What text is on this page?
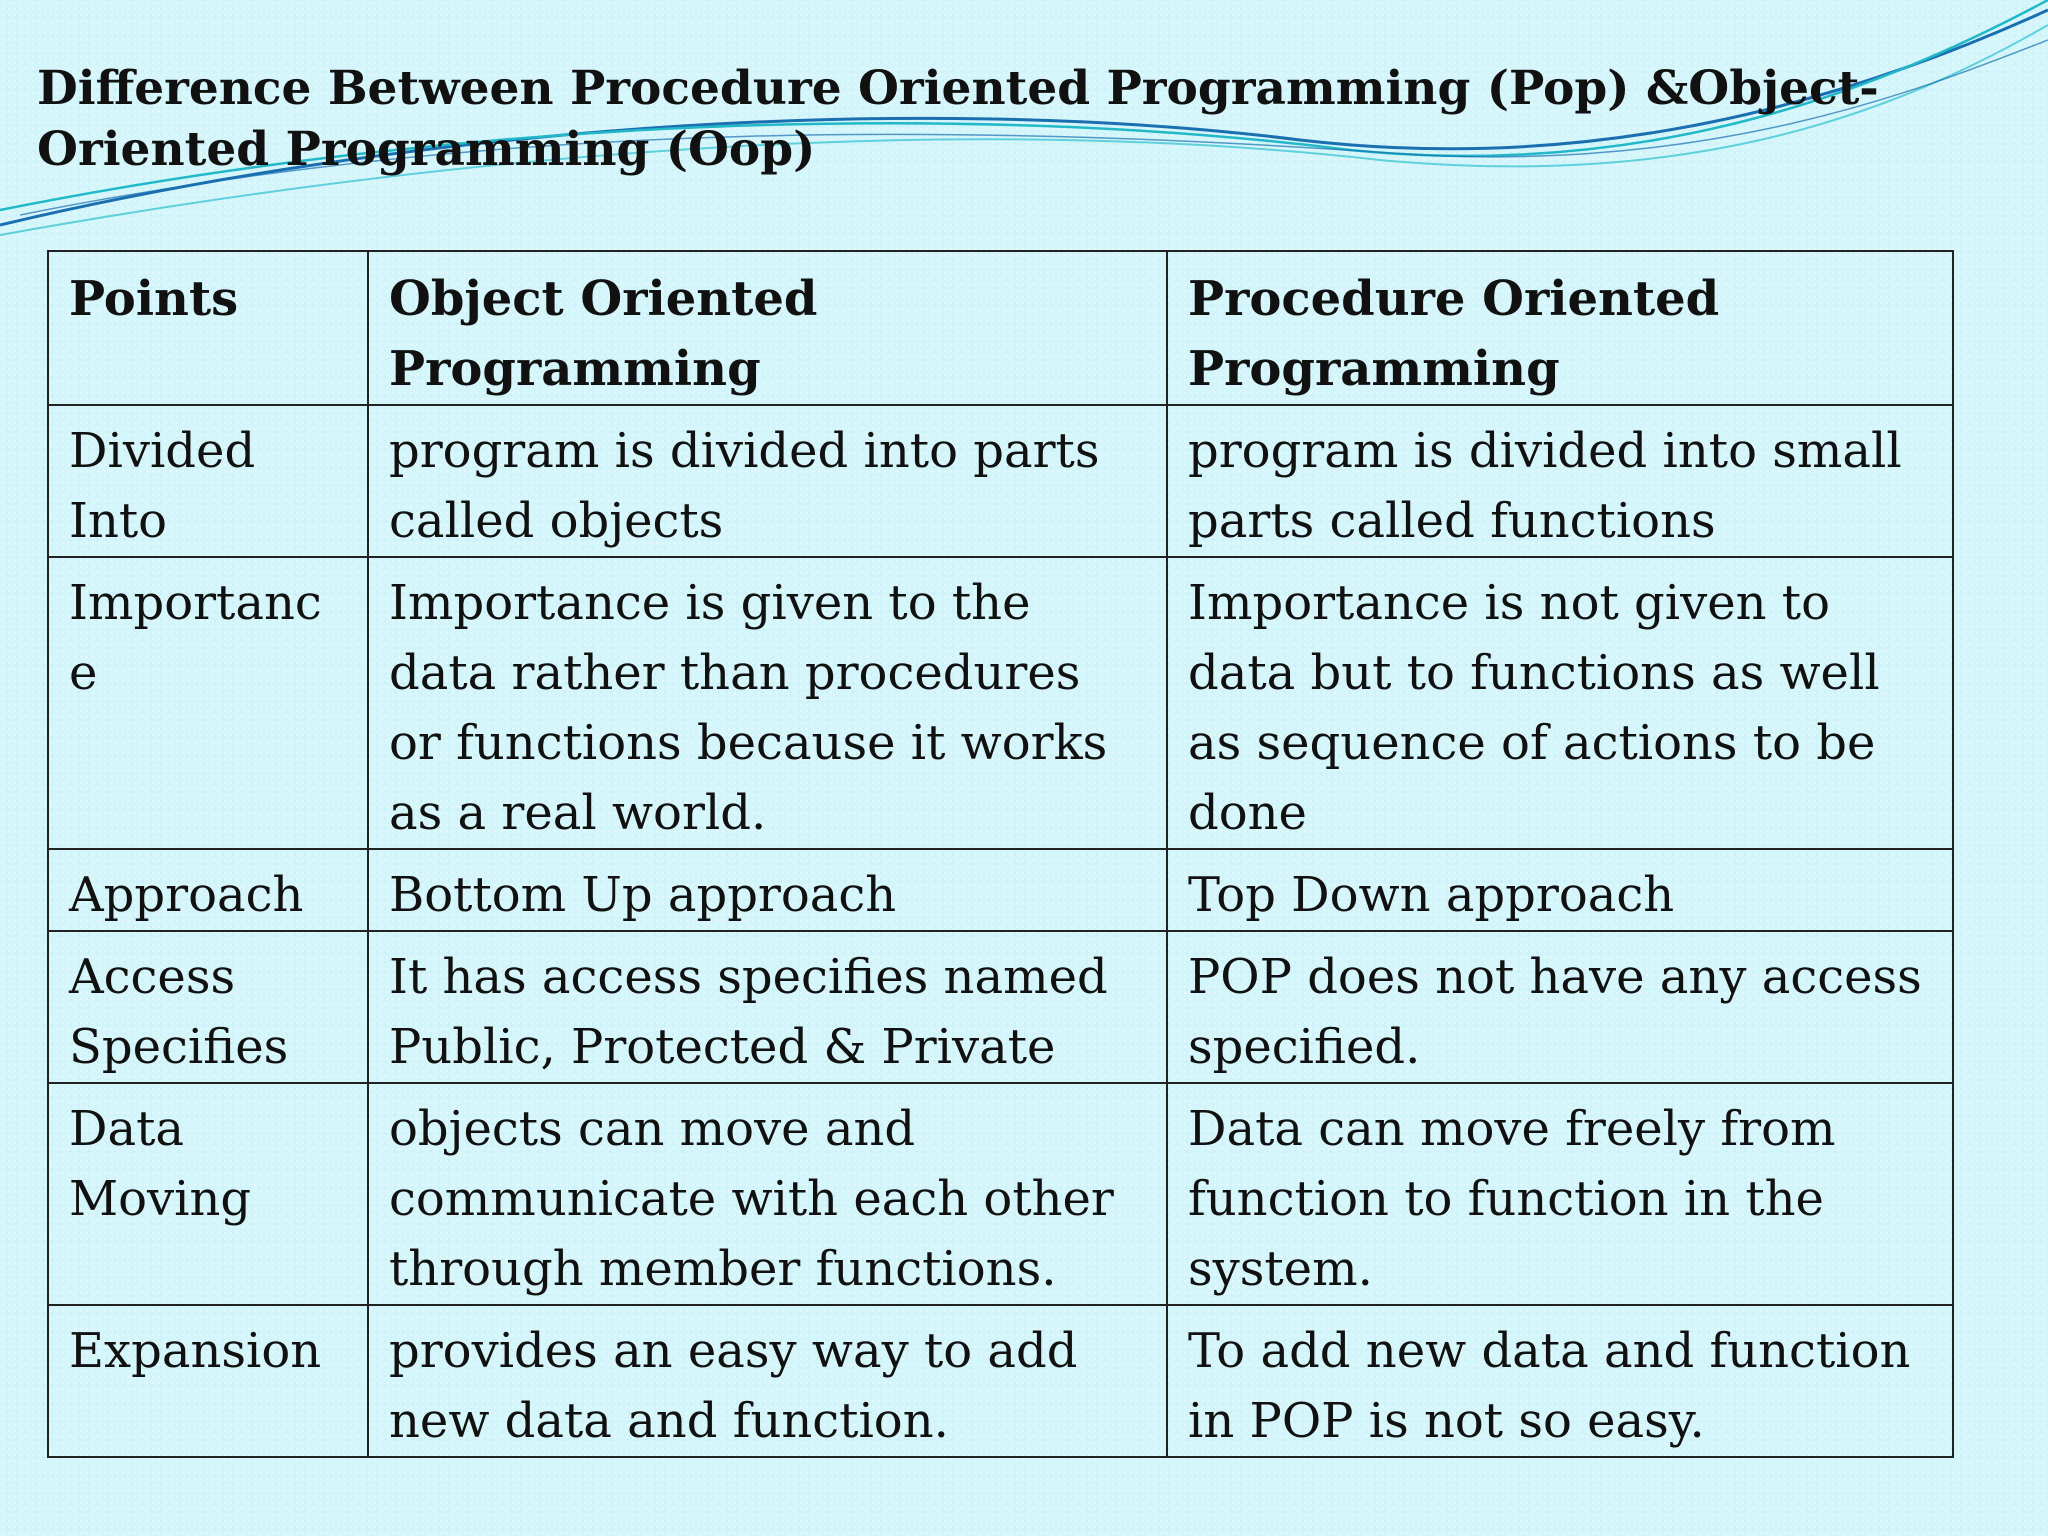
Difference Between Procedure Oriented Programming (Pop) &Object-Oriented Programming (Oop)
Points	Object Oriented Programming	Procedure Oriented Programming
Divided Into	program is divided into parts called objects	program is divided into small parts called functions
Importance	Importance is given to the data rather than procedures or functions because it works as a real world.	Importance is not given to data but to functions as well as sequence of actions to be done
Approach	Bottom Up approach	Top Down approach
Access Specifies	It has access specifies named Public, Protected & Private	POP does not have any access specified.
Data Moving	objects can move and communicate with each other through member functions.	Data can move freely from function to function in the system.
Expansion	provides an easy way to add new data and function.	To add new data and function in POP is not so easy.
